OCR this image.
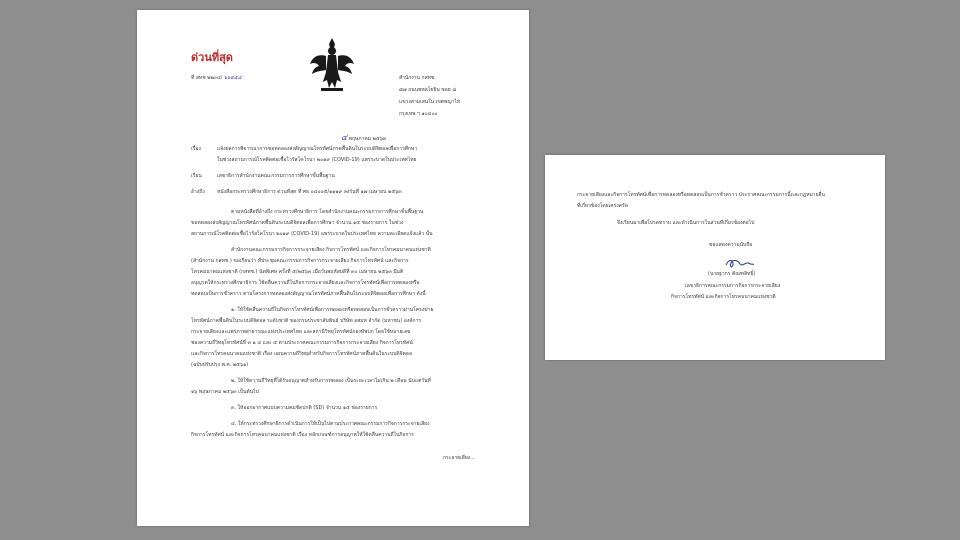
ด่วนที่สุด
ที่ สทช ๒๒๐๔/ ๖๖๕๕๔	สำนักงาน กสทช.
๘๗ ถนนพหลโยธิน ซอย ๘
แขวงสามเสนใน เขตพญาไท
กรุงเทพ ฯ ๑๐๔๐๐
๔ พฤษภาคม ๒๕๖๓
เรื่อง	แจ้งผลการพิจารณาการขอทดลองส่งสัญญาณโทรทัศน์ภาคพื้นดินในระบบดิจิตอลเพื่อการศึกษา
ในช่วงสถานการณ์โรคติดต่อเชื้อไวรัสโคโรนา ๒๐๑๙ (COVID-19) แพร่ระบาดในประเทศไทย
เรียน	เลขาธิการสำนักงานคณะกรรมการการศึกษาขั้นพื้นฐาน
อ้างถึง หนังสือกระทรวงศึกษาธิการ ด่วนที่สุด ที่ ศธ ๐๔๐๐๕/๑๑๑๙ ลงวันที่ ๑๗ เมษายน ๒๕๖๓
ตามหนังสือที่อ้างถึง กระทรวงศึกษาธิการ โดยสำนักงานคณะกรรมการการศึกษาขั้นพื้นฐาน
ขอทดลองส่งสัญญาณโทรทัศน์ภาคพื้นดินระบบดิจิตอลเพื่อการศึกษา จำนวน ๑๕ ช่องรายการ ในช่วง
สถานการณ์โรคติดต่อเชื้อไวรัสโคโรนา ๒๐๑๙ (COVID-19) แพร่ระบาดในประเทศไทย ความละเอียดแจ้งแล้ว นั้น
สำนักงานคณะกรรมการกิจการกระจายเสียง กิจการโทรทัศน์ และกิจการโทรคมนาคมแห่งชาติ
(สำนักงาน กสทช.) ขอเรียนว่า ที่ประชุมคณะกรรมการกิจการกระจายเสียง กิจการโทรทัศน์ และกิจการ
โทรคมนาคมแห่งชาติ (กสทช.) นัดพิเศษ ครั้งที่ ๕/๒๕๖๓ เมื่อวันพฤหัสบดีที่ ๓๐ เมษายน ๒๕๖๓ มีมติ
อนุญาตให้กระทรวงศึกษาธิการ ใช้คลื่นความถี่ในกิจการกระจายเสียงและกิจการโทรทัศน์เพื่อการทดลองหรือ
ทดสอบเป็นการชั่วคราว ตามโครงการทดลองส่งสัญญาณโทรทัศน์ภาคพื้นดินในระบบดิจิตอลเพื่อการศึกษา ดังนี้
๑. ให้ใช้คลื่นความถี่ในกิจการโทรทัศน์เพื่อการทดลองหรือทดสอบเป็นการชั่วคราวผ่านโครงข่าย
โทรทัศน์ภาคพื้นดินในระบบดิจิตอล ระดับชาติ ของกรมประชาสัมพันธ์ บริษัท อสมท จำกัด (มหาชน) องค์การ
กระจายเสียงและแพร่ภาพสาธารณะแห่งประเทศไทย และสถานีวิทยุโทรทัศน์กองทัพบก โดยใช้หมายเลข
ช่องความถี่วิทยุโทรทัศน์ที่ ๓ ๑ ๔ และ ๕ ตามประกาศคณะกรรมการกิจการกระจายเสียง กิจการโทรทัศน์
และกิจการโทรคมนาคมแห่งชาติ เรื่อง แผนความถี่วิทยุสำหรับกิจการโทรทัศน์ภาคพื้นดินในระบบดิจิตอล
(ฉบับปรับปรุง พ.ศ. ๒๕๖๑)
๒. ให้ใช้ความถี่วิทยุที่ได้รับอนุญาตสำหรับการทดลอง เป็นระยะเวลาไม่เกิน ๒ เดือน นับแต่วันที่
๑๖ พฤษภาคม ๒๕๖๓ เป็นต้นไป
๓. ให้ออกอากาศแบบความคมชัดปกติ (SD) จำนวน ๑๕ ช่องรายการ
๔. ให้กระทรวงศึกษาธิการดำเนินการให้เป็นไปตามประกาศคณะกรรมการกิจการกระจายเสียง
กิจการโทรทัศน์ และกิจการโทรคมนาคมแห่งชาติ เรื่อง หลักเกณฑ์การอนุญาตให้ใช้คลื่นความถี่ในกิจการ
กระจายเสียง...
กระจายเสียงและกิจการโทรทัศน์เพื่อการทดลองหรือทดสอบเป็นการชั่วคราว ประกาศคณะกรรมการนี้เเละกฎหมายอื่น
ที่เกี่ยวข้องโดยเคร่งครัด
จึงเรียนมาเพื่อโปรดทราบ และดำเนินการในส่วนที่เกี่ยวข้องต่อไป
ขอแสดงความนับถือ
(นายฐากร ตัณฑสิทธิ์)
เลขาธิการคณะกรรมการกิจการกระจายเสียง
กิจการโทรทัศน์ และกิจการโทรคมนาคมแห่งชาติ
